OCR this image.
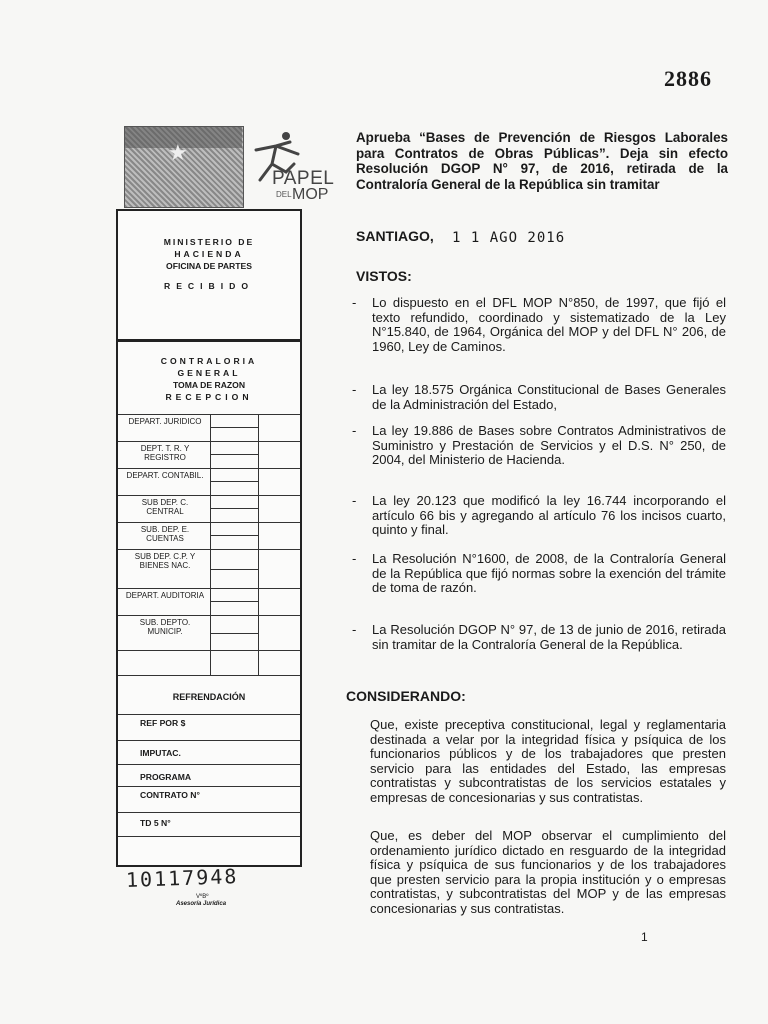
2886
★
PAPEL
DEL MOP

Aprueba “Bases de Prevención de Riesgos Laborales para Contratos de Obras Públicas”. Deja sin efecto Resolución DGOP N° 97, de 2016, retirada de la Contraloría General de la República sin tramitar

MINISTERIO DE
HACIENDA
OFICINA DE PARTES
RECIBIDO
CONTRALORIA
GENERAL
TOMA DE RAZON
RECEPCION
DEPART. JURIDICO
DEPT. T. R. Y REGISTRO
DEPART. CONTABIL.
SUB DEP. C. CENTRAL
SUB. DEP. E. CUENTAS
SUB DEP. C.P. Y BIENES NAC.
DEPART. AUDITORIA
SUB. DEPTO. MUNICIP.
REFRENDACIÓN
REF POR $
IMPUTAC.
PROGRAMA
CONTRATO N°
TD 5 N°
10117948
VºBº
Asesoría Jurídica
SANTIAGO, 1 1 AGO 2016
VISTOS:
- Lo dispuesto en el DFL MOP N°850, de 1997, que fijó el texto refundido, coordinado y sistematizado de la Ley N°15.840, de 1964, Orgánica del MOP y del DFL N° 206, de 1960, Ley de Caminos.
- La ley 18.575 Orgánica Constitucional de Bases Generales de la Administración del Estado,
- La ley 19.886 de Bases sobre Contratos Administrativos de Suministro y Prestación de Servicios y el D.S. N° 250, de 2004, del Ministerio de Hacienda.
- La ley 20.123 que modificó la ley 16.744 incorporando el artículo 66 bis y agregando al artículo 76 los incisos cuarto, quinto y final.
- La Resolución N°1600, de 2008, de la Contraloría General de la República que fijó normas sobre la exención del trámite de toma de razón.
- La Resolución DGOP N° 97, de 13 de junio de 2016, retirada sin tramitar de la Contraloría General de la República.
CONSIDERANDO:
Que, existe preceptiva constitucional, legal y reglamentaria destinada a velar por la integridad física y psíquica de los funcionarios públicos y de los trabajadores que presten servicio para las entidades del Estado, las empresas contratistas y subcontratistas de los servicios estatales y empresas de concesionarias y sus contratistas.
Que, es deber del MOP observar el cumplimiento del ordenamiento jurídico dictado en resguardo de la integridad física y psíquica de sus funcionarios y de los trabajadores que presten servicio para la propia institución y o empresas contratistas, y subcontratistas del MOP y de las empresas concesionarias y sus contratistas.
1
